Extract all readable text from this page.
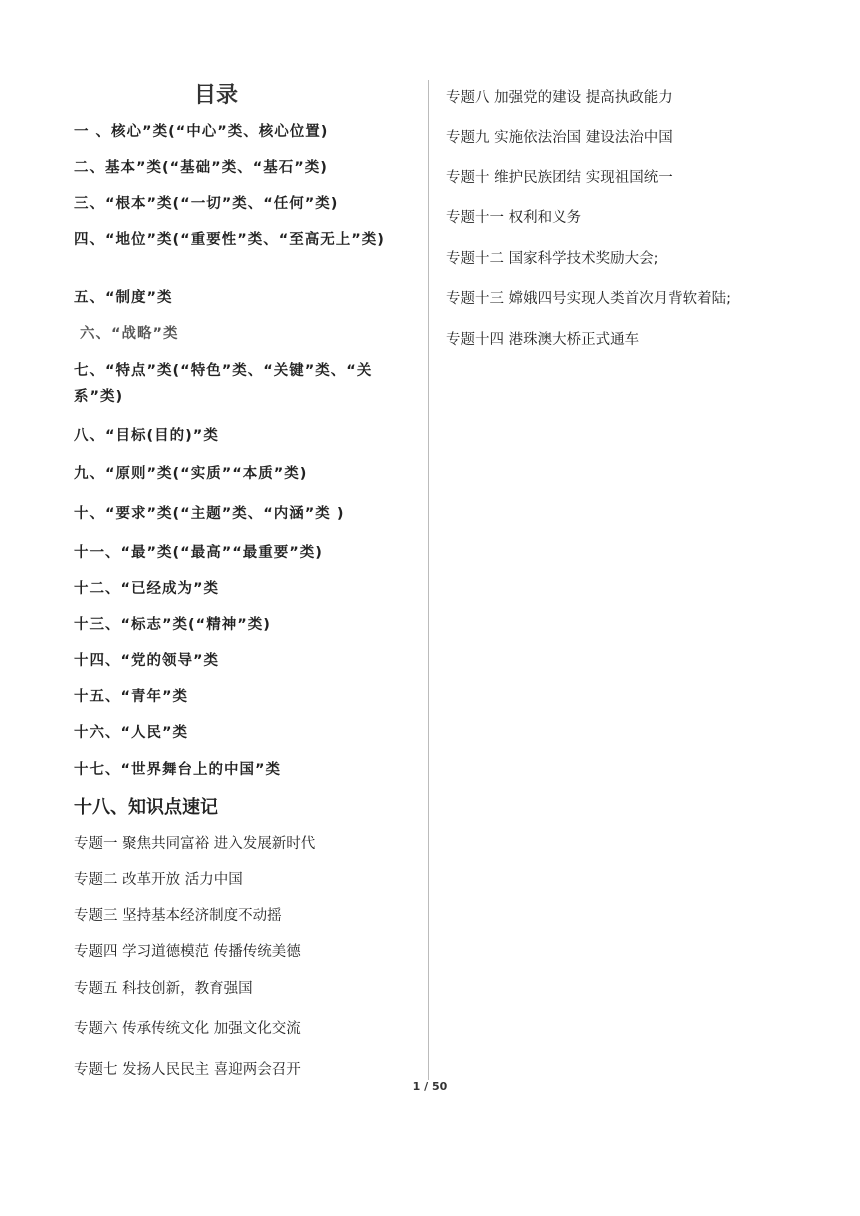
目录
一 、核心”类(“中心”类、核心位置)
二、基本”类(“基础”类、“基石”类)
三、“根本”类(“一切”类、“任何”类)
四、“地位”类(“重要性”类、“至高无上”类)
五、“制度”类
六、“战略”类
七、“特点”类(“特色”类、“关键”类、“关系”类)
八、“目标(目的)”类
九、“原则”类(“实质”“本质”类)
十、“要求”类(“主题”类、“内涵”类 )
十一、“最”类(“最高”“最重要”类)
十二、“已经成为”类
十三、“标志”类(“精神”类)
十四、“党的领导”类
十五、“青年”类
十六、“人民”类
十七、“世界舞台上的中国”类
十八、知识点速记
专题一 聚焦共同富裕 进入发展新时代
专题二 改革开放 活力中国
专题三 坚持基本经济制度不动摇
专题四 学习道德模范 传播传统美德
专题五 科技创新，教育强国
专题六 传承传统文化 加强文化交流
专题七 发扬人民民主 喜迎两会召开
专题八 加强党的建设 提高执政能力
专题九 实施依法治国 建设法治中国
专题十 维护民族团结 实现祖国统一
专题十一 权利和义务
专题十二 国家科学技术奖励大会;
专题十三 嫦娥四号实现人类首次月背软着陆;
专题十四 港珠澳大桥正式通车
1 / 50
